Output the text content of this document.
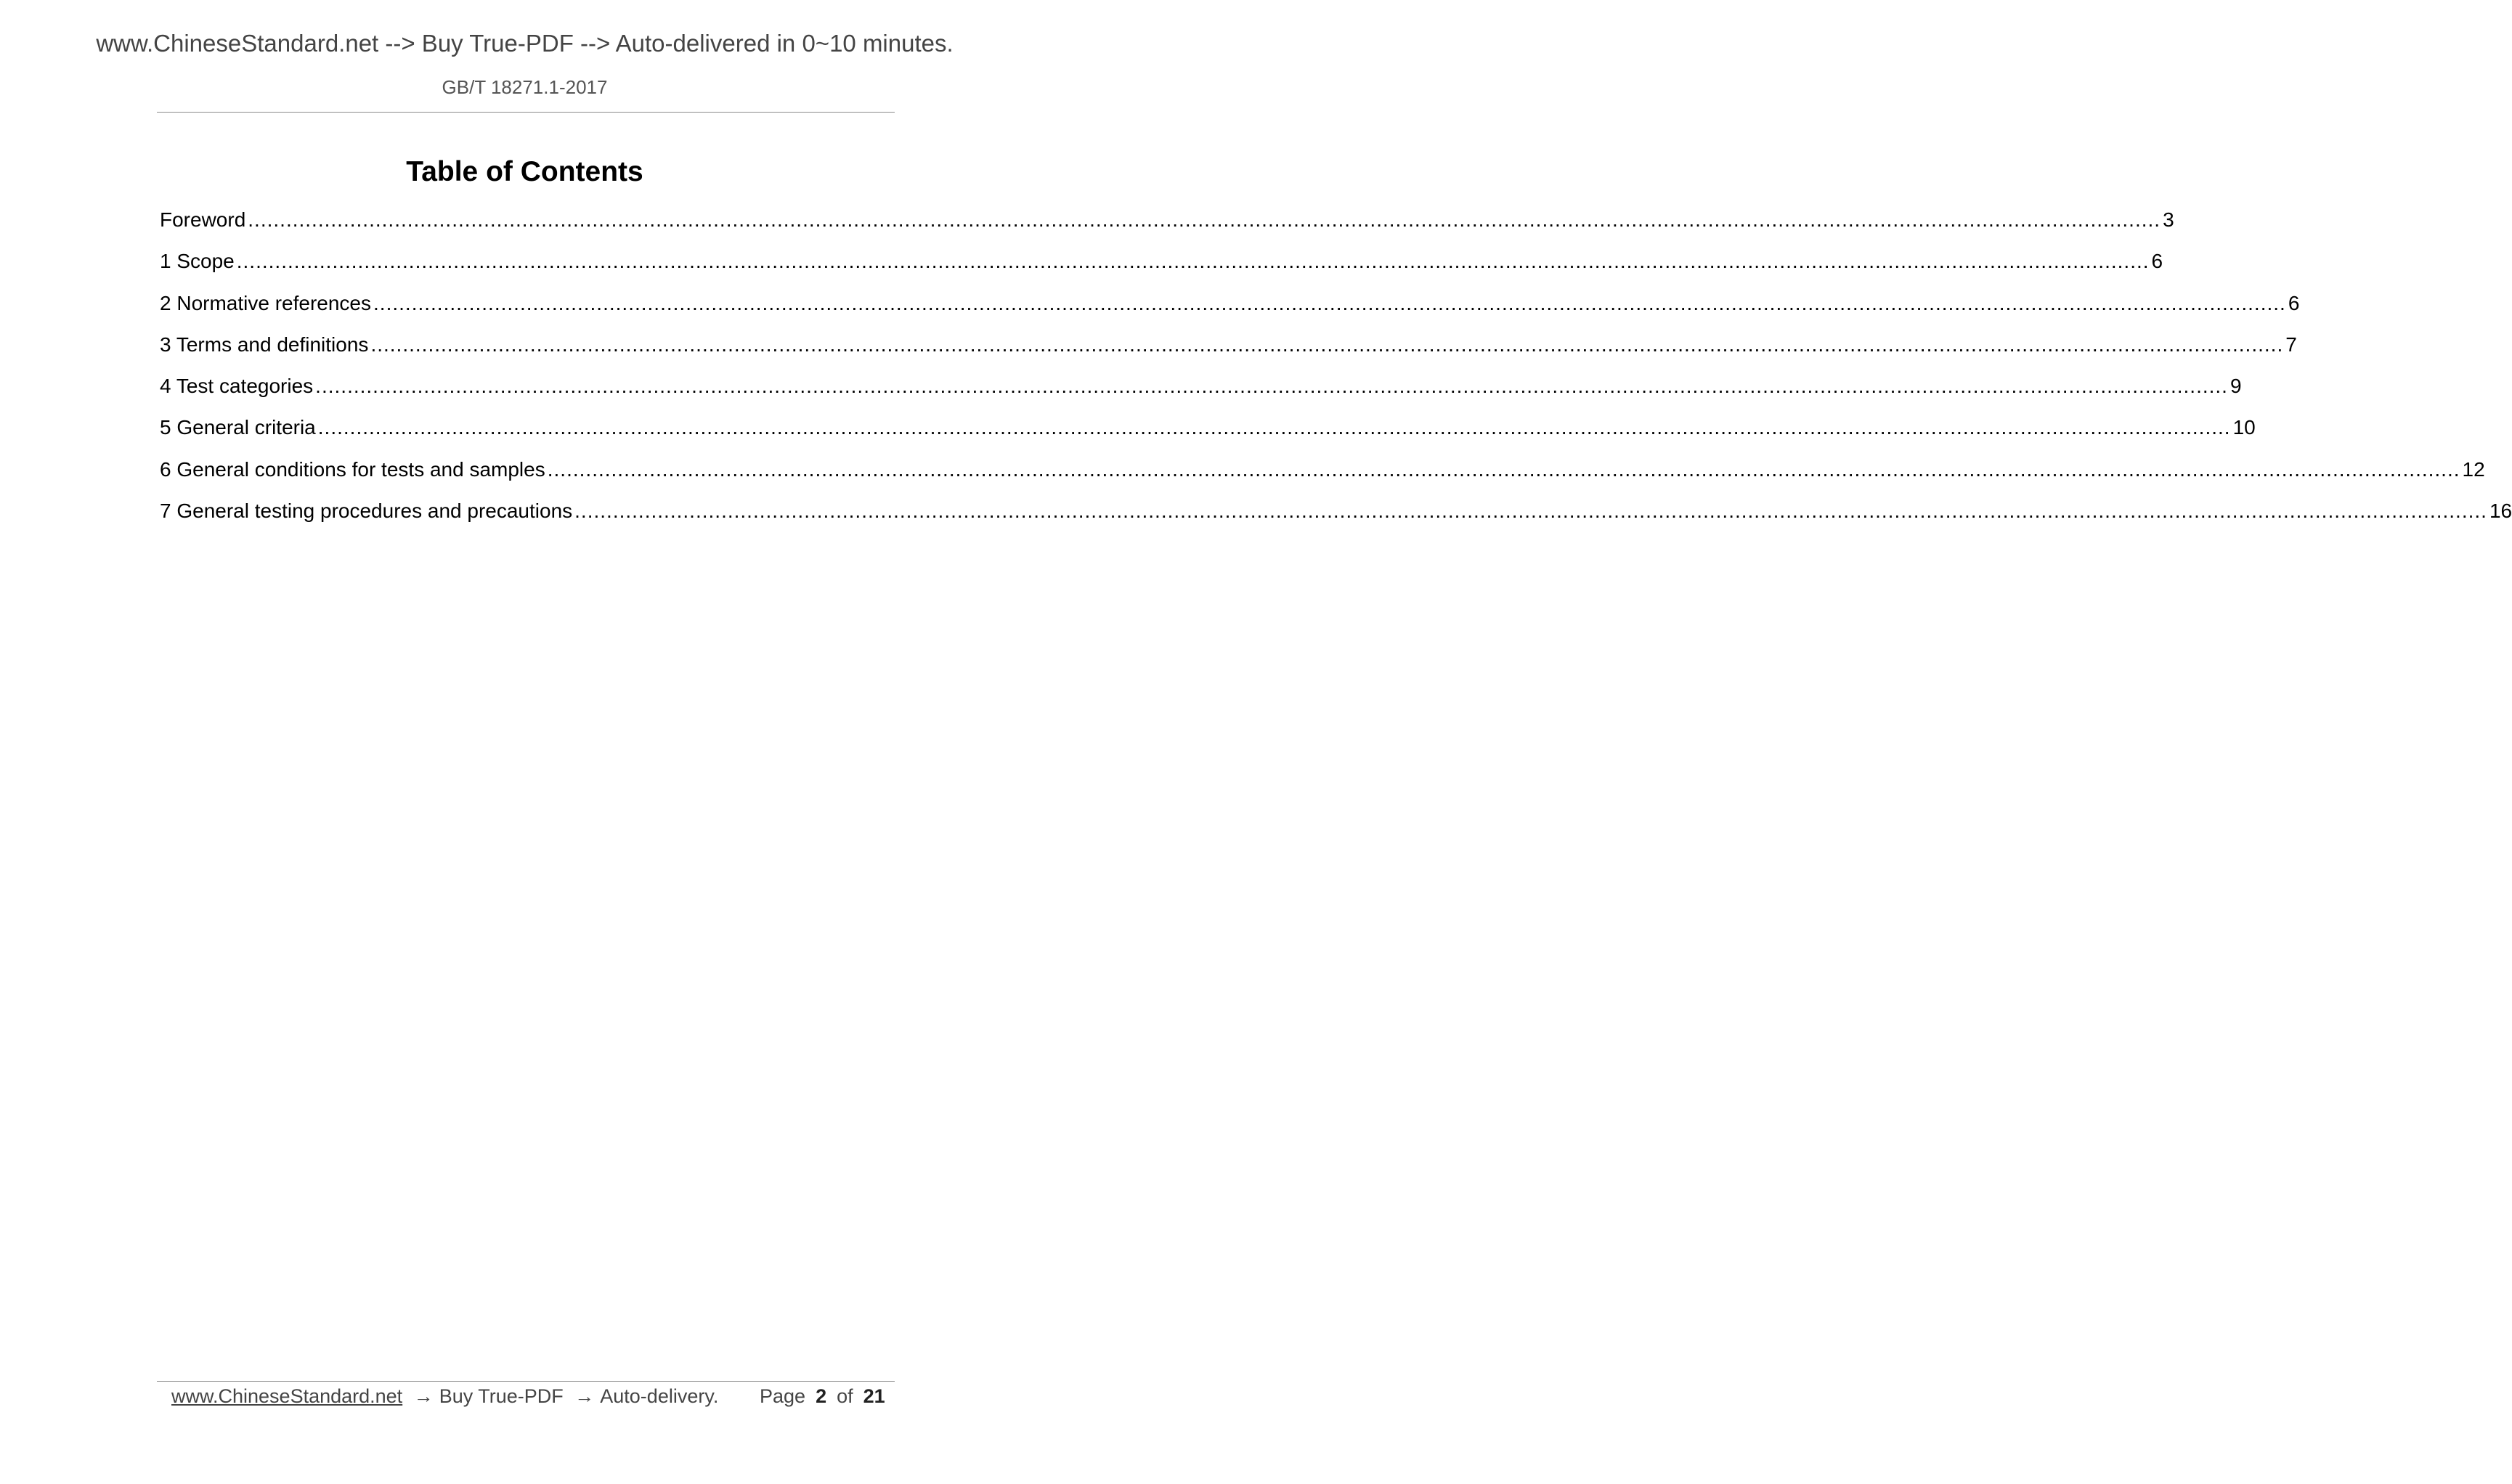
www.ChineseStandard.net --> Buy True-PDF --> Auto-delivered in 0~10 minutes.
GB/T 18271.1-2017
Table of Contents
Foreword ............................................................................................................................................................................................................................................................................................................ 3
1 Scope ............................................................................................................................................................................................................................................................................................................ 6
2 Normative references ............................................................................................................................................................................................................................................................................................................ 6
3 Terms and definitions ............................................................................................................................................................................................................................................................................................................ 7
4 Test categories ............................................................................................................................................................................................................................................................................................................ 9
5 General criteria ............................................................................................................................................................................................................................................................................................................ 10
6 General conditions for tests and samples ............................................................................................................................................................................................................................................................................................................ 12
7 General testing procedures and precautions ............................................................................................................................................................................................................................................................................................................ 16
www.ChineseStandard.net → Buy True-PDF → Auto-delivery. Page 2 of 21
